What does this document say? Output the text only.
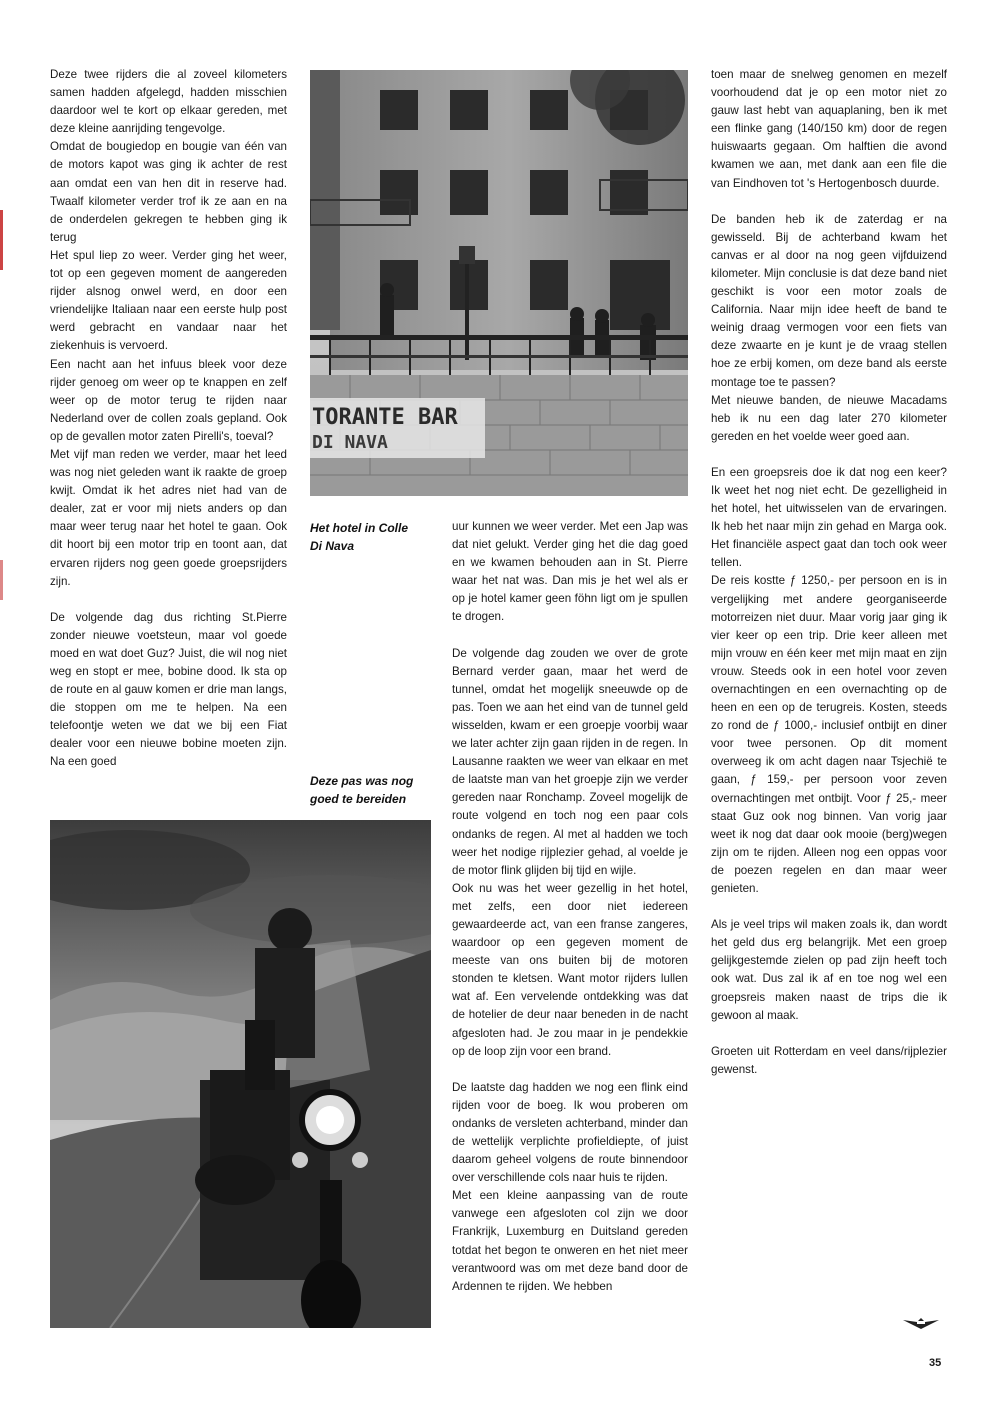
Deze twee rijders die al zoveel kilometers samen hadden afgelegd, hadden misschien daardoor wel te kort op elkaar gereden, met deze kleine aanrijding tengevolge.

Omdat de bougiedop en bougie van één van de motors kapot was ging ik achter de rest aan omdat een van hen dit in reserve had. Twaalf kilometer verder trof ik ze aan en na de onderdelen gekregen te hebben ging ik terug

Het spul liep zo weer. Verder ging het weer, tot op een gegeven moment de aangereden rijder alsnog onwel werd, en door een vriendelijke Italiaan naar een eerste hulp post werd gebracht en vandaar naar het ziekenhuis is vervoerd.

Een nacht aan het infuus bleek voor deze rijder genoeg om weer op te knappen en zelf weer op de motor terug te rijden naar Nederland over de collen zoals gepland. Ook op de gevallen motor zaten Pirelli's, toeval?

Met vijf man reden we verder, maar het leed was nog niet geleden want ik raakte de groep kwijt. Omdat ik het adres niet had van de dealer, zat er voor mij niets anders op dan maar weer terug naar het hotel te gaan. Ook dit hoort bij een motor trip en toont aan, dat ervaren rijders nog geen goede groepsrijders zijn.

De volgende dag dus richting St.Pierre zonder nieuwe voetsteun, maar vol goede moed en wat doet Guz? Juist, die wil nog niet weg en stopt er mee, bobine dood. Ik sta op de route en al gauw komen er drie man langs, die stoppen om me te helpen. Na een telefoontje weten we dat we bij een Fiat dealer voor een nieuwe bobine moeten zijn. Na een goed

TORANTE BAR
DI NAVA
Het hotel in Colle Di Nava
Deze pas was nog goed te bereiden

uur kunnen we weer verder. Met een Jap was dat niet gelukt. Verder ging het die dag goed en we kwamen behouden aan in St. Pierre waar het nat was. Dan mis je het wel als er op je hotel kamer geen föhn ligt om je spullen te drogen.

De volgende dag zouden we over de grote Bernard verder gaan, maar het werd de tunnel, omdat het mogelijk sneeuwde op de pas. Toen we aan het eind van de tunnel geld wisselden, kwam er een groepje voorbij waar we later achter zijn gaan rijden in de regen. In Lausanne raakten we weer van elkaar en met de laatste man van het groepje zijn we verder gereden naar Ronchamp. Zoveel mogelijk de route volgend en toch nog een paar cols ondanks de regen. Al met al hadden we toch weer het nodige rijplezier gehad, al voelde je de motor flink glijden bij tijd en wijle.

Ook nu was het weer gezellig in het hotel, met zelfs, een door niet iedereen gewaardeerde act, van een franse zangeres, waardoor op een gegeven moment de meeste van ons buiten bij de motoren stonden te kletsen. Want motor rijders lullen wat af. Een vervelende ontdekking was dat de hotelier de deur naar beneden in de nacht afgesloten had. Je zou maar in je pendekkie op de loop zijn voor een brand.

De laatste dag hadden we nog een flink eind rijden voor de boeg. Ik wou proberen om ondanks de versleten achterband, minder dan de wettelijk verplichte profieldiepte, of juist daarom geheel volgens de route binnendoor over verschillende cols naar huis te rijden.

Met een kleine aanpassing van de route vanwege een afgesloten col zijn we door Frankrijk, Luxemburg en Duitsland gereden totdat het begon te onweren en het niet meer verantwoord was om met deze band door de Ardennen te rijden. We hebben

toen maar de snelweg genomen en mezelf voorhoudend dat je op een motor niet zo gauw last hebt van aquaplaning, ben ik met een flinke gang (140/150 km) door de regen huiswaarts gegaan. Om halftien die avond kwamen we aan, met dank aan een file die van Eindhoven tot 's Hertogenbosch duurde.

De banden heb ik de zaterdag er na gewisseld. Bij de achterband kwam het canvas er al door na nog geen vijfduizend kilometer. Mijn conclusie is dat deze band niet geschikt is voor een motor zoals de California. Naar mijn idee heeft de band te weinig draag vermogen voor een fiets van deze zwaarte en je kunt je de vraag stellen hoe ze erbij komen, om deze band als eerste montage toe te passen?

Met nieuwe banden, de nieuwe Macadams heb ik nu een dag later 270 kilometer gereden en het voelde weer goed aan.

En een groepsreis doe ik dat nog een keer? Ik weet het nog niet echt. De gezelligheid in het hotel, het uitwisselen van de ervaringen. Ik heb het naar mijn zin gehad en Marga ook. Het financiële aspect gaat dan toch ook weer tellen.

De reis kostte ƒ 1250,- per persoon en is in vergelijking met andere georganiseerde motorreizen niet duur. Maar vorig jaar ging ik vier keer op een trip. Drie keer alleen met mijn vrouw en één keer met mijn maat en zijn vrouw. Steeds ook in een hotel voor zeven overnachtingen en een overnachting op de heen en een op de terugreis. Kosten, steeds zo rond de ƒ 1000,- inclusief ontbijt en diner voor twee personen. Op dit moment overweeg ik om acht dagen naar Tsjechië te gaan, ƒ 159,- per persoon voor zeven overnachtingen met ontbijt. Voor ƒ 25,- meer staat Guz ook nog binnen. Van vorig jaar weet ik nog dat daar ook mooie (berg)wegen zijn om te rijden. Alleen nog een oppas voor de poezen regelen en dan maar weer genieten.

Als je veel trips wil maken zoals ik, dan wordt het geld dus erg belangrijk. Met een groep gelijkgestemde zielen op pad zijn heeft toch ook wat. Dus zal ik af en toe nog wel een groepsreis maken naast de trips die ik gewoon al maak.

Groeten uit Rotterdam en veel dans/rijplezier gewenst.

35
